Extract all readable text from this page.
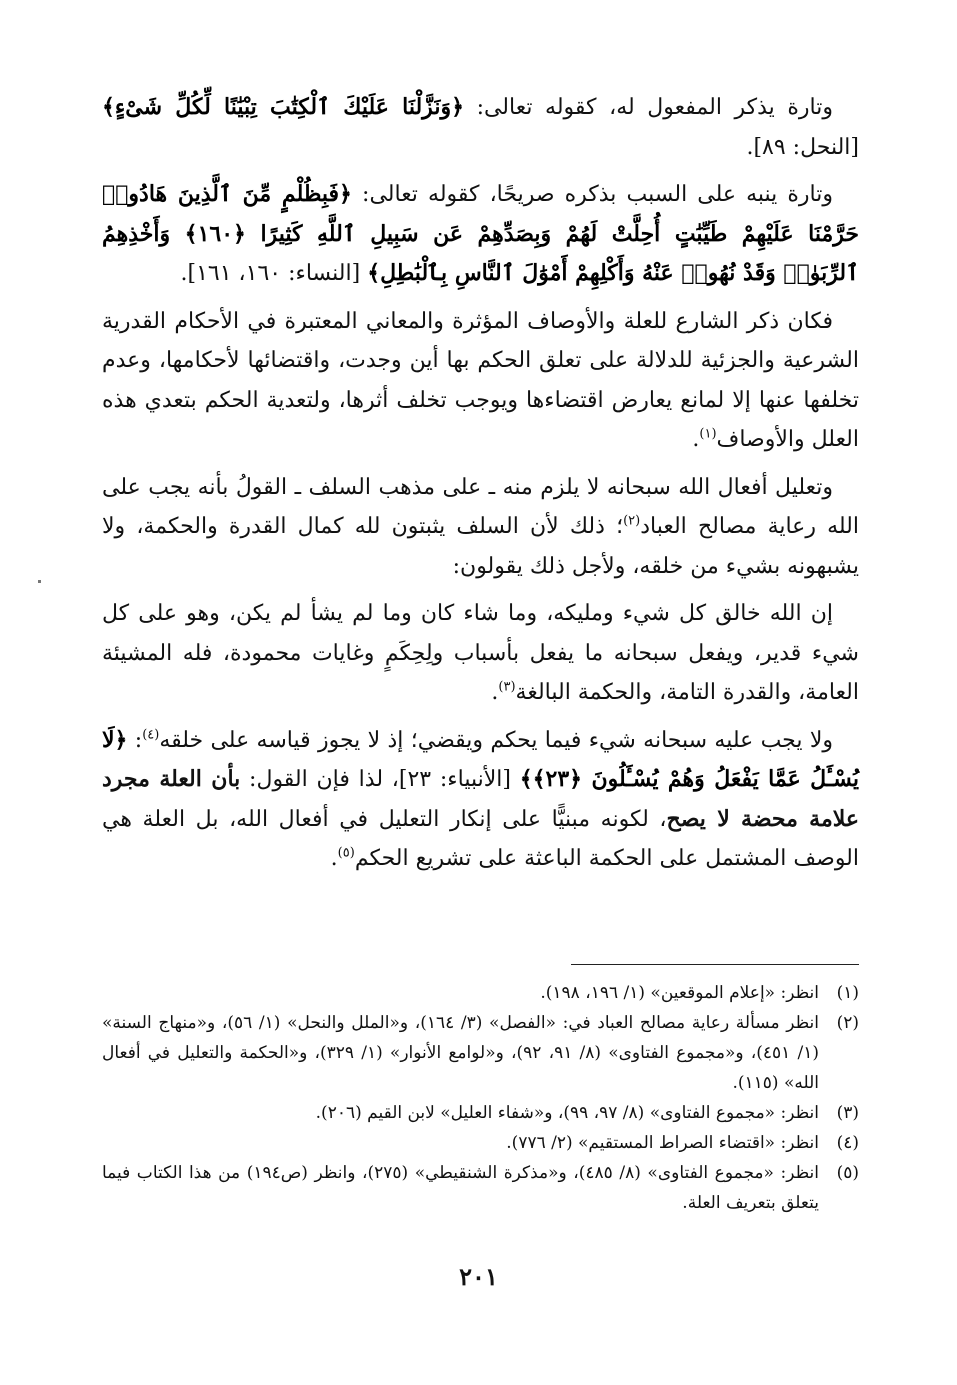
وتارة يذكر المفعول له، كقوله تعالى: ﴿وَنَزَّلْنَا عَلَيْكَ ٱلْكِتَٰبَ تِبْيَٰنًا لِّكُلِّ شَىْءٍ﴾ [النحل: ٨٩].

وتارة ينبه على السبب بذكره صريحًا، كقوله تعالى: ﴿فَبِظُلْمٍ مِّنَ ٱلَّذِينَ هَادُوا۟ حَرَّمْنَا عَلَيْهِمْ طَيِّبَٰتٍ أُحِلَّتْ لَهُمْ وَبِصَدِّهِمْ عَن سَبِيلِ ٱللَّهِ كَثِيرًا ﴿١٦٠﴾ وَأَخْذِهِمُ ٱلرِّبَوٰا۟ وَقَدْ نُهُوا۟ عَنْهُ وَأَكْلِهِمْ أَمْوَٰلَ ٱلنَّاسِ بِٱلْبَٰطِلِ﴾ [النساء: ١٦٠، ١٦١].

فكان ذكر الشارع للعلة والأوصاف المؤثرة والمعاني المعتبرة في الأحكام القدرية الشرعية والجزئية للدلالة على تعلق الحكم بها أين وجدت، واقتضائها لأحكامها، وعدم تخلفها عنها إلا لمانع يعارض اقتضاءها ويوجب تخلف أثرها، ولتعدية الحكم بتعدي هذه العلل والأوصاف$^{(١)}$.

وتعليل أفعال الله سبحانه لا يلزم منه ـ على مذهب السلف ـ القولُ بأنه يجب على الله رعاية مصالح العباد$^{(٢)}$؛ ذلك لأن السلف يثبتون لله كمال القدرة والحكمة، ولا يشبهونه بشيء من خلقه، ولأجل ذلك يقولون:

إن الله خالق كل شيء ومليكه، وما شاء كان وما لم يشأ لم يكن، وهو على كل شيء قدير، ويفعل سبحانه ما يفعل بأسباب ولِحِكَمٍ وغايات محمودة، فله المشيئة العامة، والقدرة التامة، والحكمة البالغة$^{(٣)}$.

ولا يجب عليه سبحانه شيء فيما يحكم ويقضي؛ إذ لا يجوز قياسه على خلقه$^{(٤)}$: ﴿لَا يُسْـَٔلُ عَمَّا يَفْعَلُ وَهُمْ يُسْـَٔلُونَ ﴿٢٣﴾﴾ [الأنبياء: ٢٣]، لذا فإن القول: بأن العلة مجرد علامة محضة لا يصح، لكونه مبنيًّا على إنكار التعليل في أفعال الله، بل العلة هي الوصف المشتمل على الحكمة الباعثة على تشريع الحكم$^{(٥)}$.

(١)
انظر: «إعلام الموقعين» (١/ ١٩٦، ١٩٨).
(٢)
انظر مسألة رعاية مصالح العباد في: «الفصل» (٣/ ١٦٤)، و«الملل والنحل» (١/ ٥٦)، و«منهاج السنة» (١/ ٤٥١)، و«مجموع الفتاوى» (٨/ ٩١، ٩٢)، و«لوامع الأنوار» (١/ ٣٢٩)، و«الحكمة والتعليل في أفعال الله» (١١٥).
(٣)
انظر: «مجموع الفتاوى» (٨/ ٩٧، ٩٩)، و«شفاء العليل» لابن القيم (٢٠٦).
(٤)
انظر: «اقتضاء الصراط المستقيم» (٢/ ٧٧٦).
(٥)
انظر: «مجموع الفتاوى» (٨/ ٤٨٥)، و«مذكرة الشنقيطي» (٢٧٥)، وانظر (ص١٩٤) من هذا الكتاب فيما يتعلق بتعريف العلة.
٢٠١
